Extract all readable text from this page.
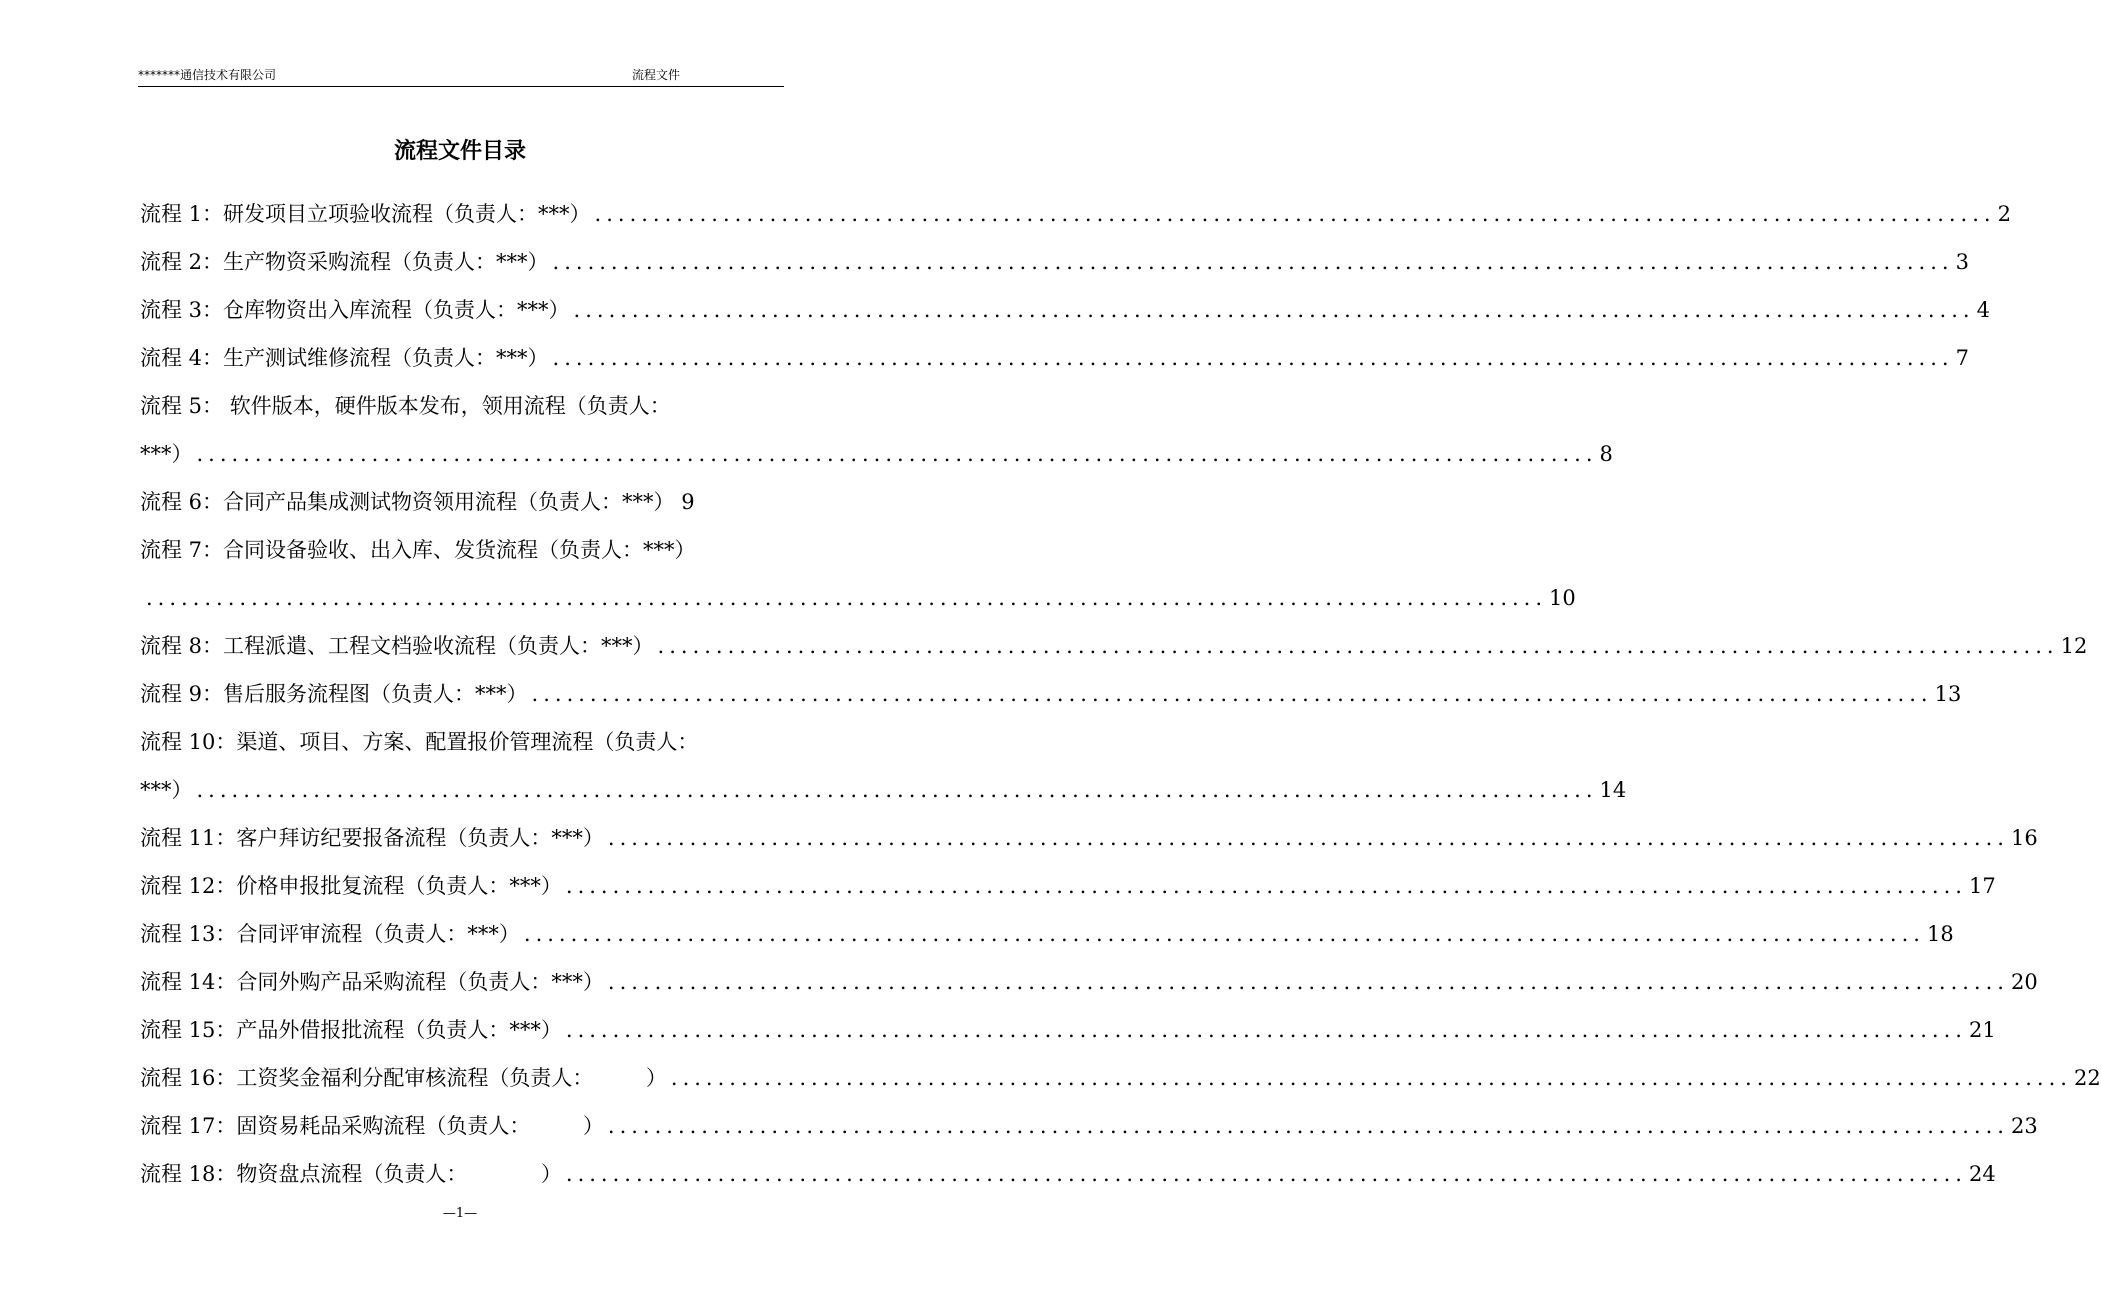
*******通信技术有限公司	流程文件
流程文件目录
流程 1：研发项目立项验收流程（负责人：***） ........................................................................................................................ 2
流程 2：生产物资采购流程（负责人：***） ........................................................................................................................ 3
流程 3：仓库物资出入库流程（负责人：***） ........................................................................................................................ 4
流程 4：生产测试维修流程（负责人：***） ........................................................................................................................ 7
流程 5： 软件版本，硬件版本发布，领用流程（负责人：
***） ........................................................................................................................ 8
流程 6：合同产品集成测试物资领用流程（负责人：***） 9
流程 7：合同设备验收、出入库、发货流程（负责人：***）
........................................................................................................................ 10
流程 8：工程派遣、工程文档验收流程（负责人：***） ........................................................................................................................ 12
流程 9：售后服务流程图（负责人：***） ........................................................................................................................ 13
流程 10：渠道、项目、方案、配置报价管理流程（负责人：
***） ........................................................................................................................ 14
流程 11：客户拜访纪要报备流程（负责人：***） ........................................................................................................................ 16
流程 12：价格申报批复流程（负责人：***） ........................................................................................................................ 17
流程 13：合同评审流程（负责人：***） ........................................................................................................................ 18
流程 14：合同外购产品采购流程（负责人：***） ........................................................................................................................ 20
流程 15：产品外借报批流程（负责人：***） ........................................................................................................................ 21
流程 16：工资奖金福利分配审核流程（负责人：　　　） ........................................................................................................................ 22
流程 17：固资易耗品采购流程（负责人：　　　） ........................................................................................................................ 23
流程 18：物资盘点流程（负责人：　　　　） ........................................................................................................................ 24
—1—
